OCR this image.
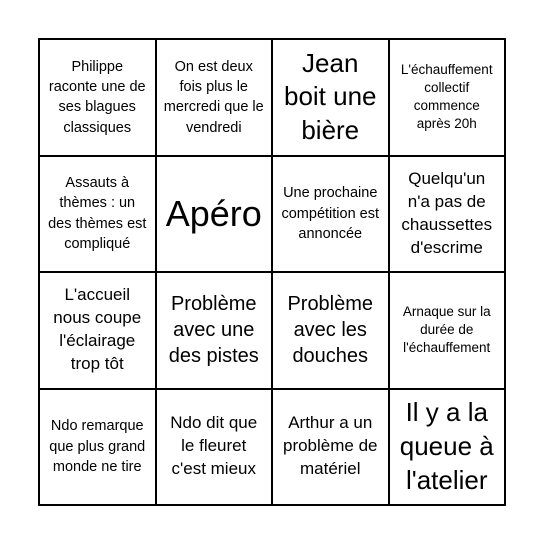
Philippe raconte une de ses blagues classiques
On est deux fois plus le mercredi que le vendredi
Jean boit une bière
L'échauffement collectif commence après 20h
Assauts à thèmes : un des thèmes est compliqué
Apéro Une prochaine compétition est annoncée
Quelqu'un n'a pas de chaussettes d'escrime
L'accueil nous coupe l'éclairage trop tôt
Problème avec une des pistes
Problème avec les douches
Arnaque sur la durée de l'échauffement
Ndo remarque que plus grand monde ne tire
Ndo dit que le fleuret c'est mieux
Arthur a un problème de matériel
Il y a la queue à l'atelier
